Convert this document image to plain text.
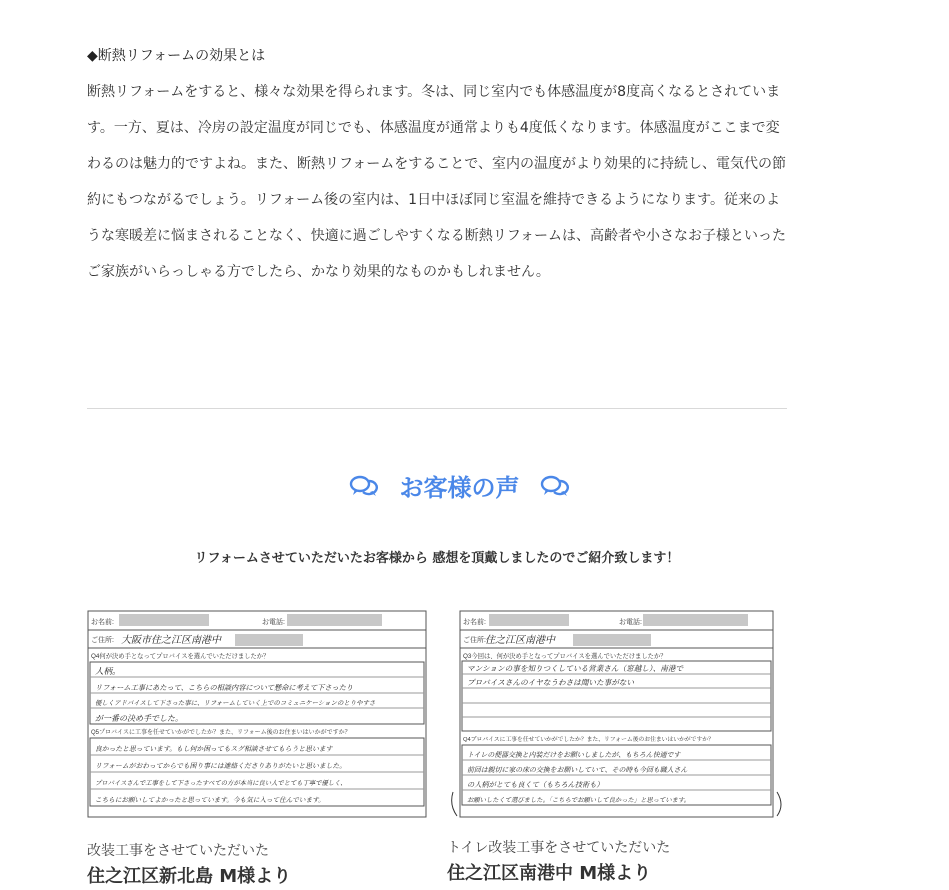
◆断熱リフォームの効果とは
断熱リフォームをすると、様々な効果を得られます。冬は、同じ室内でも体感温度が8度高くなるとされています。一方、夏は、冷房の設定温度が同じでも、体感温度が通常よりも4度低くなります。体感温度がここまで変わるのは魅力的ですよね。また、断熱リフォームをすることで、室内の温度がより効果的に持続し、電気代の節約にもつながるでしょう。リフォーム後の室内は、1日中ほぼ同じ室温を維持できるようになります。従来のような寒暖差に悩まされることなく、快適に過ごしやすくなる断熱リフォームは、高齢者や小さなお子様といったご家族がいらっしゃる方でしたら、かなり効果的なものかもしれません。
お客様の声
リフォームさせていただいたお客様から 感想を頂戴しましたのでご紹介致します！
お名前:	お電話:
ご住所: 大阪市住之江区南港中
Q4何が決め手となってプロバイスを選んでいただけましたか？
人柄。
リフォーム工事にあたって、こちらの相談内容について懸命に考えて下さったり
優しくアドバイスして下さった事に、リフォームしていく上でのコミュニケーションのとりやすさ
が一番の決め手でした。
Q5プロバイスに工事を任せていかがでしたか？また、リフォーム後のお住まいはいかがですか？
良かったと思っています。もし何か困ってもスグ相談させてもらうと思います
リフォームがおわってからでも困り事には連絡くださりありがたいと思いました。
プロバイスさんで工事をして下さったすべての方が本当に良い人でとても丁寧で優しく、
こちらにお願いしてよかったと思っています。今も気に入って住んでいます。
改装工事をさせていただいた
住之江区新北島 M様より
お名前:	お電話:
ご住所: 住之江区南港中
Q3今回は、何が決め手となってプロバイスを選んでいただけましたか？
マンションの事を知りつくしている営業さん（窓越し）、南港で
プロバイスさんのイヤなうわさは聞いた事がない
Q4プロバイスに工事を任せていかがでしたか？また、リフォーム後のお住まいはいかがですか？
トイレの便器交換と内装だけをお願いしましたが、もちろん快適です
前回は親切に家の床の交換をお願いしていて、その時も今回も職人さん
の人柄がとても良くて（もちろん技術も）
お願いしたくて選びました。「こちらでお願いして良かった」と思っています。
トイレ改装工事をさせていただいた
住之江区南港中 M様より
